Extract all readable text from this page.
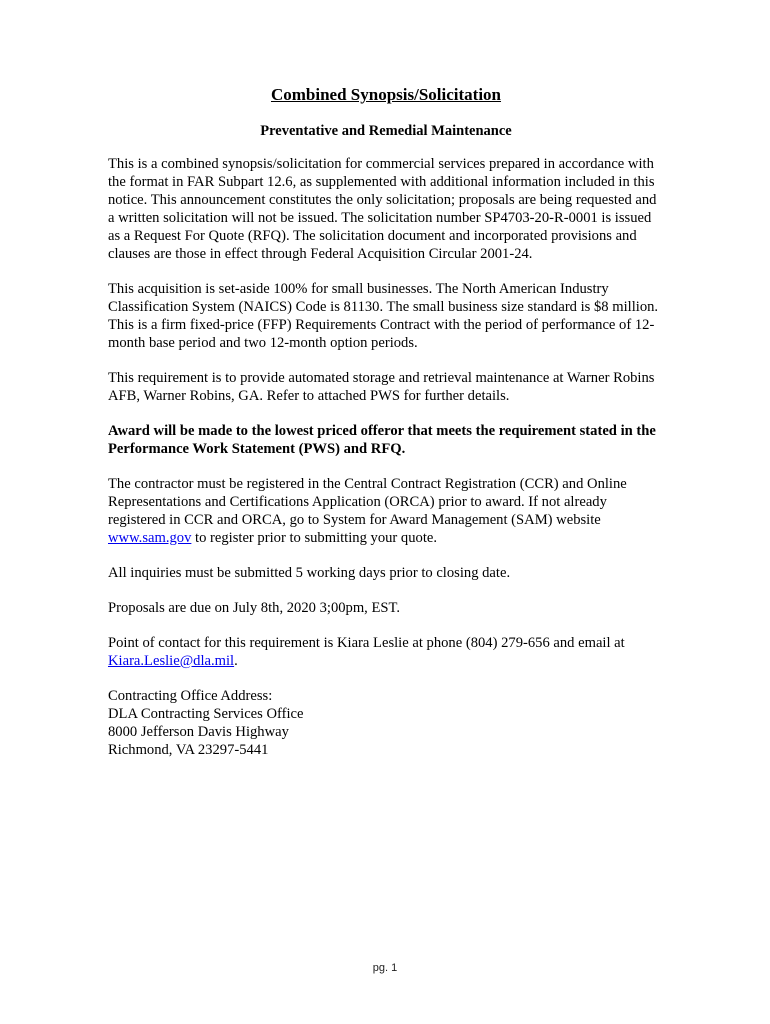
Combined Synopsis/Solicitation
Preventative and Remedial Maintenance

This is a combined synopsis/solicitation for commercial services prepared in accordance with the format in FAR Subpart 12.6, as supplemented with additional information included in this notice. This announcement constitutes the only solicitation; proposals are being requested and a written solicitation will not be issued. The solicitation number SP4703-20-R-0001 is issued as a Request For Quote (RFQ). The solicitation document and incorporated provisions and clauses are those in effect through Federal Acquisition Circular 2001-24.

This acquisition is set-aside 100% for small businesses. The North American Industry Classification System (NAICS) Code is 81130. The small business size standard is $8 million. This is a firm fixed-price (FFP) Requirements Contract with the period of performance of 12-month base period and two 12-month option periods.

This requirement is to provide automated storage and retrieval maintenance at Warner Robins AFB, Warner Robins, GA. Refer to attached PWS for further details.

Award will be made to the lowest priced offeror that meets the requirement stated in the Performance Work Statement (PWS) and RFQ.

The contractor must be registered in the Central Contract Registration (CCR) and Online Representations and Certifications Application (ORCA) prior to award. If not already registered in CCR and ORCA, go to System for Award Management (SAM) website
www.sam.gov to register prior to submitting your quote.

All inquiries must be submitted 5 working days prior to closing date.

Proposals are due on July 8th, 2020 3;00pm, EST.

Point of contact for this requirement is Kiara Leslie at phone (804) 279-656 and email at Kiara.Leslie@dla.mil.

Contracting Office Address:

DLA Contracting Services Office

8000 Jefferson Davis Highway

Richmond, VA 23297-5441

pg. 1
